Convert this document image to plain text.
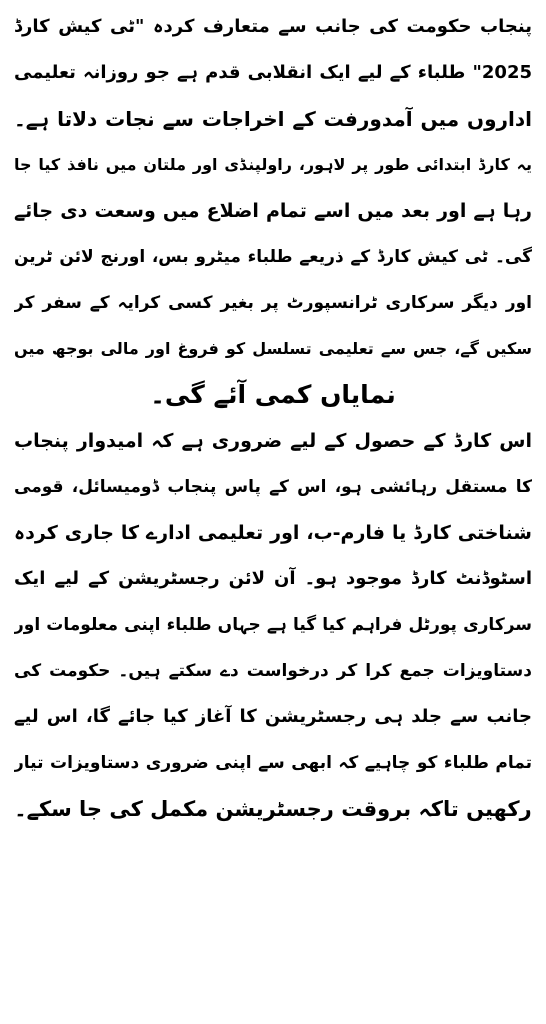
پنجاب حکومت کی جانب سے متعارف کردہ "ٹی کیش کارڈ
2025" طلباء کے لیے ایک انقلابی قدم ہے جو روزانہ تعلیمی
اداروں میں آمدورفت کے اخراجات سے نجات دلاتا ہے۔
یہ کارڈ ابتدائی طور پر لاہور، راولپنڈی اور ملتان میں نافذ کیا جا
رہا ہے اور بعد میں اسے تمام اضلاع میں وسعت دی جائے
گی۔ ٹی کیش کارڈ کے ذریعے طلباء میٹرو بس، اورنج لائن ٹرین
اور دیگر سرکاری ٹرانسپورٹ پر بغیر کسی کرایہ کے سفر کر
سکیں گے، جس سے تعلیمی تسلسل کو فروغ اور مالی بوجھ میں
نمایاں کمی آئے گی۔
اس کارڈ کے حصول کے لیے ضروری ہے کہ امیدوار پنجاب
کا مستقل رہائشی ہو، اس کے پاس پنجاب ڈومیسائل، قومی
شناختی کارڈ یا فارم-ب، اور تعلیمی ادارے کا جاری کردہ
اسٹوڈنٹ کارڈ موجود ہو۔ آن لائن رجسٹریشن کے لیے ایک
سرکاری پورٹل فراہم کیا گیا ہے جہاں طلباء اپنی معلومات اور
دستاویزات جمع کرا کر درخواست دے سکتے ہیں۔ حکومت کی
جانب سے جلد ہی رجسٹریشن کا آغاز کیا جائے گا، اس لیے
تمام طلباء کو چاہیے کہ ابھی سے اپنی ضروری دستاویزات تیار
رکھیں تاکہ بروقت رجسٹریشن مکمل کی جا سکے۔
